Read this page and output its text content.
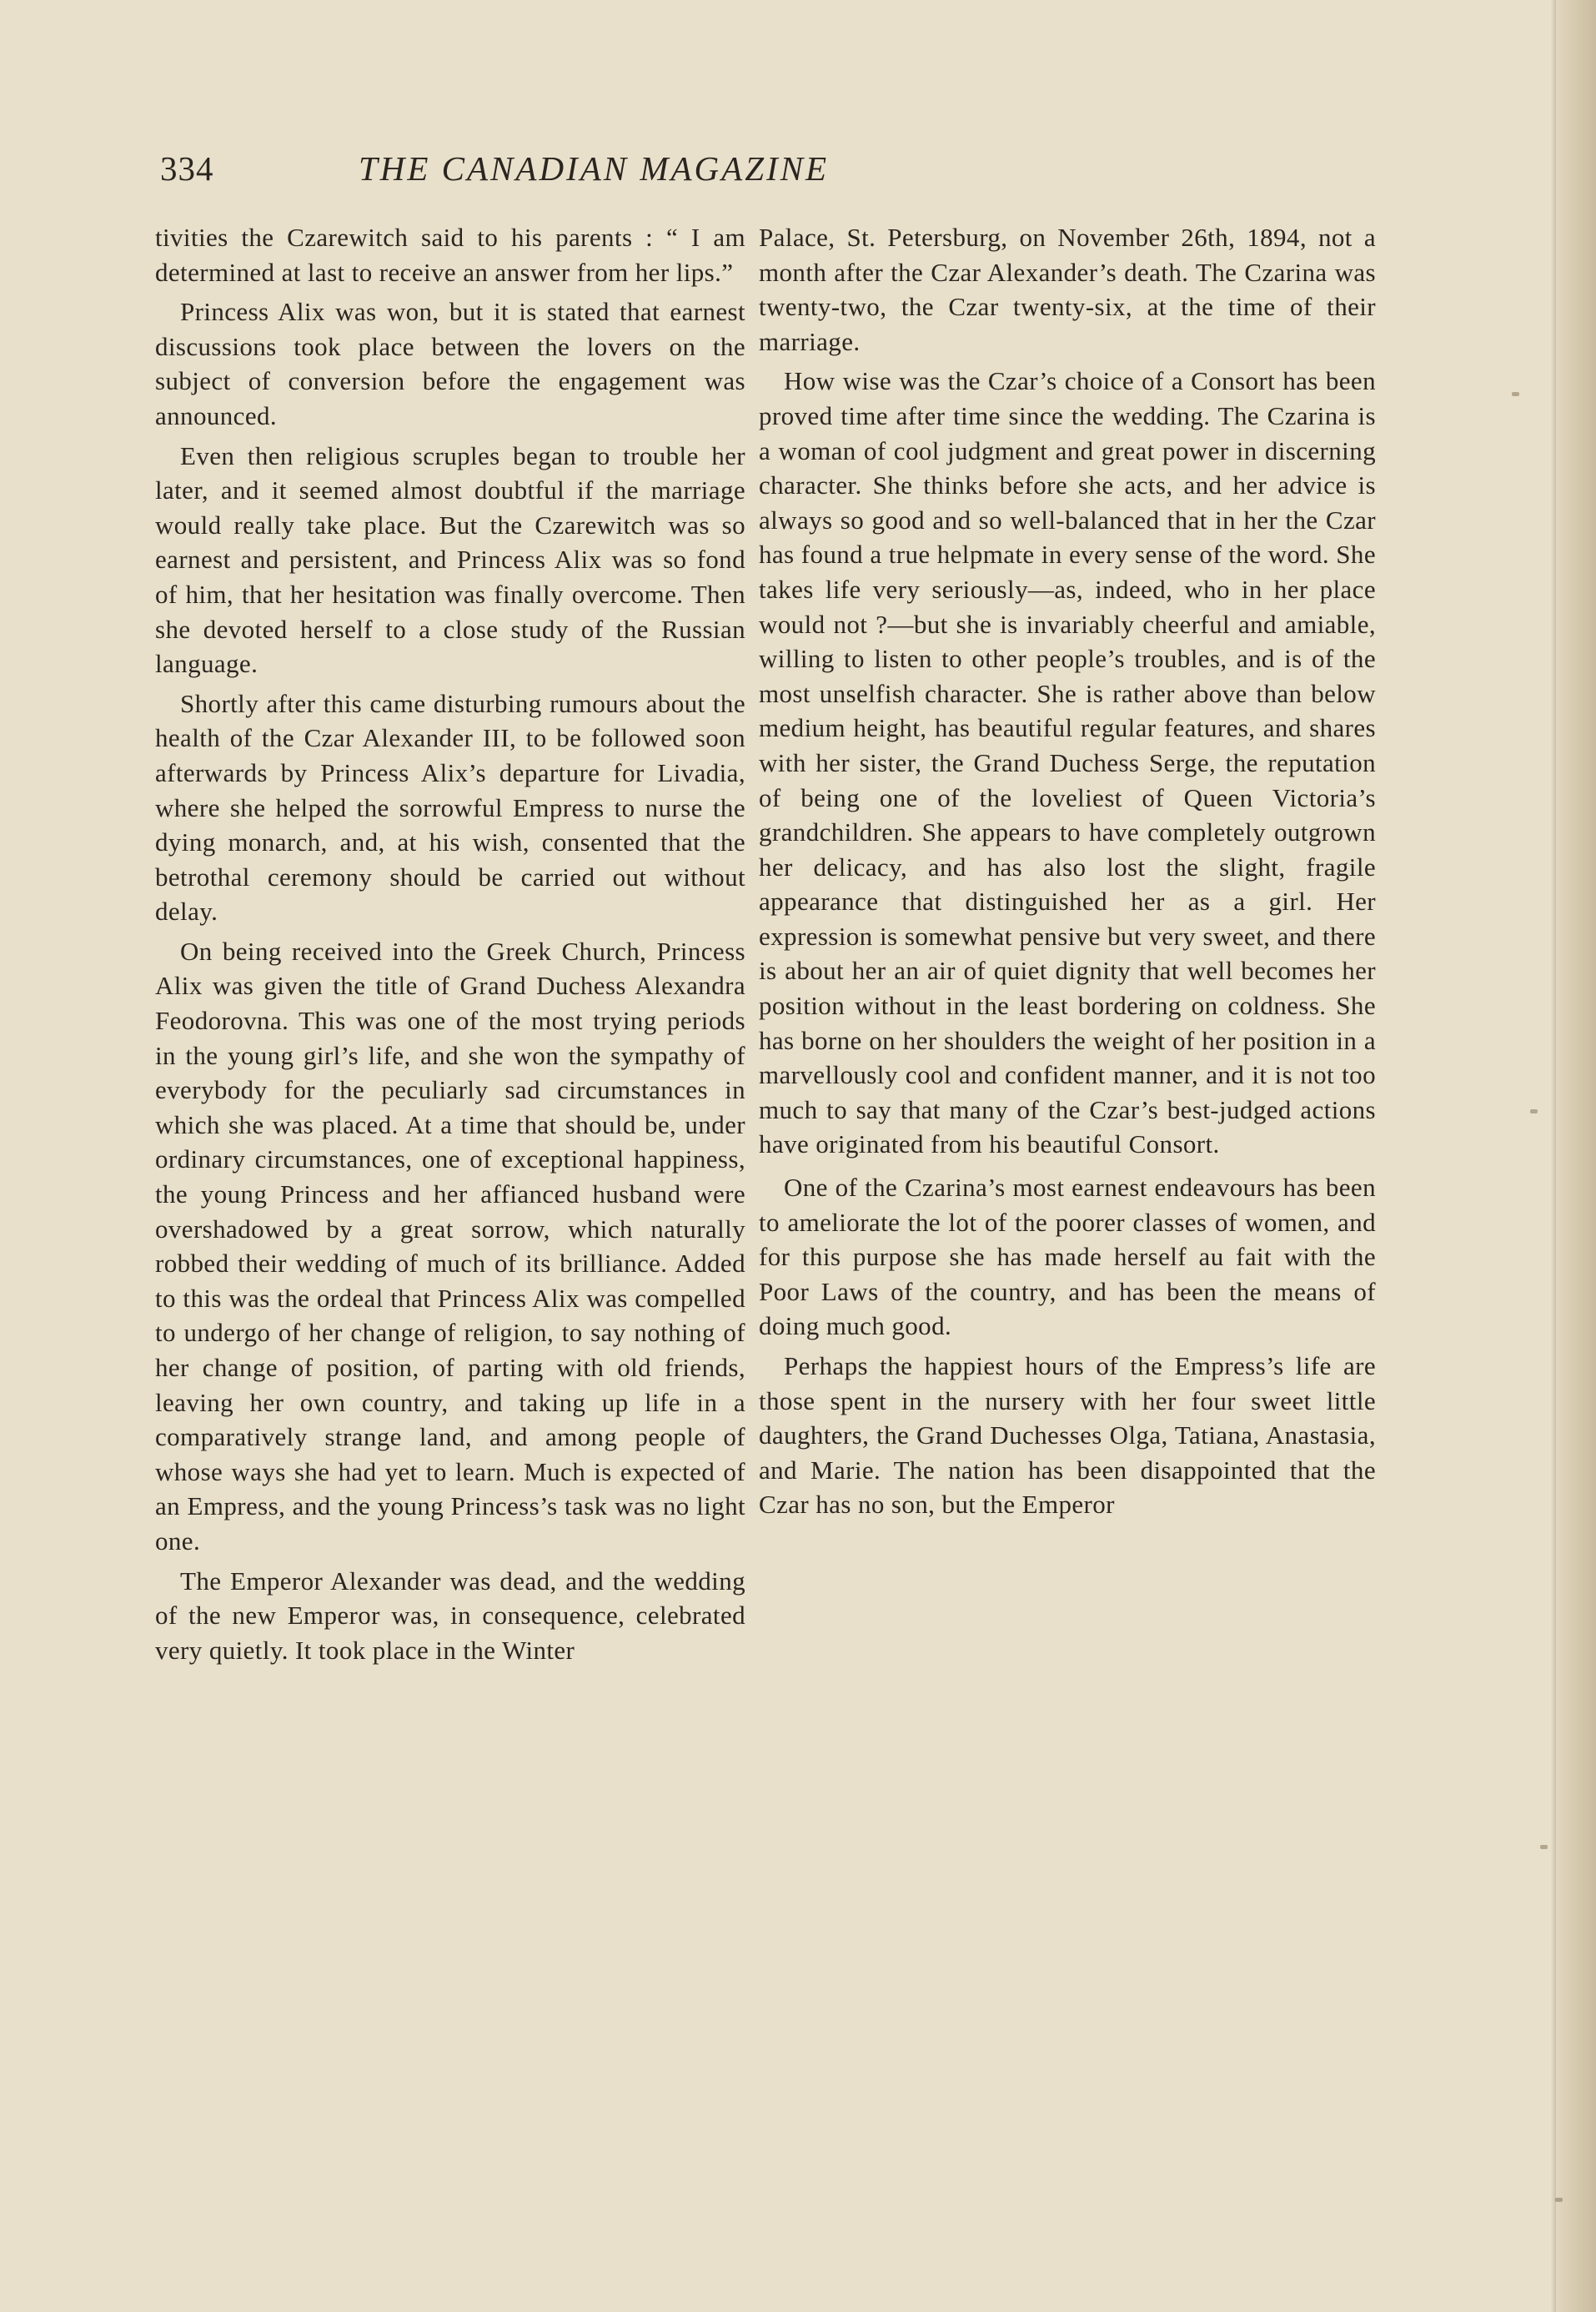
334	THE CANADIAN MAGAZINE

tivities the Czarewitch said to his parents : “ I am determined at last to receive an answer from her lips.”

Princess Alix was won, but it is stated that earnest discussions took place between the lovers on the subject of conversion before the engagement was announced.

Even then religious scruples began to trouble her later, and it seemed almost doubtful if the marriage would really take place. But the Czarewitch was so earnest and persistent, and Princess Alix was so fond of him, that her hesitation was finally overcome. Then she devoted herself to a close study of the Russian language.

Shortly after this came disturbing rumours about the health of the Czar Alexander III, to be followed soon afterwards by Princess Alix’s departure for Livadia, where she helped the sorrowful Empress to nurse the dying monarch, and, at his wish, consented that the betrothal ceremony should be carried out without delay.

On being received into the Greek Church, Princess Alix was given the title of Grand Duchess Alexandra Feodorovna. This was one of the most trying periods in the young girl’s life, and she won the sympathy of everybody for the peculiarly sad circumstances in which she was placed. At a time that should be, under ordinary circumstances, one of exceptional happiness, the young Princess and her affianced husband were overshadowed by a great sorrow, which naturally robbed their wedding of much of its brilliance. Added to this was the ordeal that Princess Alix was compelled to undergo of her change of religion, to say nothing of her change of position, of parting with old friends, leaving her own country, and taking up life in a comparatively strange land, and among people of whose ways she had yet to learn. Much is expected of an Empress, and the young Princess’s task was no light one.

The Emperor Alexander was dead, and the wedding of the new Emperor was, in consequence, celebrated very quietly. It took place in the Winter

Palace, St. Petersburg, on November 26th, 1894, not a month after the Czar Alexander’s death. The Czarina was twenty-two, the Czar twenty-six, at the time of their marriage.

How wise was the Czar’s choice of a Consort has been proved time after time since the wedding. The Czarina is a woman of cool judgment and great power in discerning character. She thinks before she acts, and her advice is always so good and so well-balanced that in her the Czar has found a true helpmate in every sense of the word. She takes life very seriously—as, indeed, who in her place would not ?—but she is invariably cheerful and amiable, willing to listen to other people’s troubles, and is of the most unselfish character. She is rather above than below medium height, has beautiful regular features, and shares with her sister, the Grand Duchess Serge, the reputation of being one of the loveliest of Queen Victoria’s grandchildren. She appears to have completely outgrown her delicacy, and has also lost the slight, fragile appearance that distinguished her as a girl. Her expression is somewhat pensive but very sweet, and there is about her an air of quiet dignity that well becomes her position without in the least bordering on coldness. She has borne on her shoulders the weight of her position in a marvellously cool and confident manner, and it is not too much to say that many of the Czar’s best-judged actions have originated from his beautiful Consort.

One of the Czarina’s most earnest endeavours has been to ameliorate the lot of the poorer classes of women, and for this purpose she has made herself au fait with the Poor Laws of the country, and has been the means of doing much good.

Perhaps the happiest hours of the Empress’s life are those spent in the nursery with her four sweet little daughters, the Grand Duchesses Olga, Tatiana, Anastasia, and Marie. The nation has been disappointed that the Czar has no son, but the Emperor
